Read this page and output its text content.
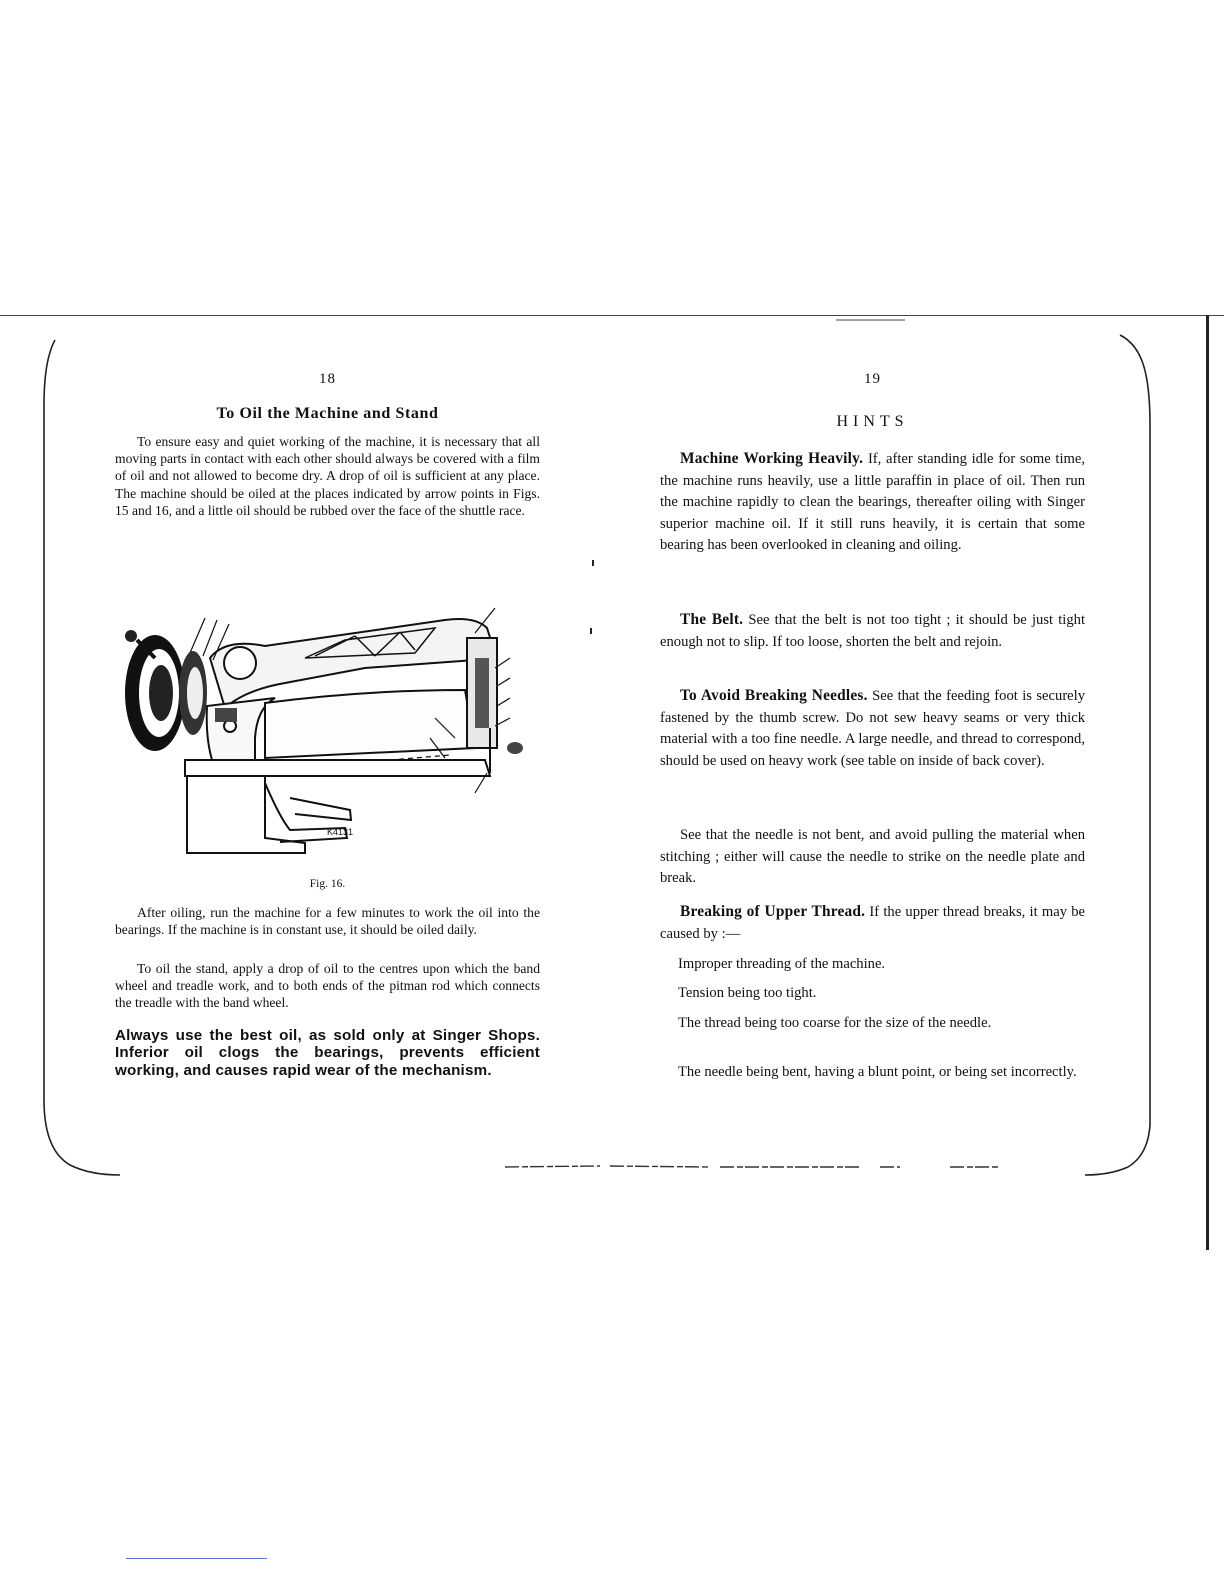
18
To Oil the Machine and Stand

To ensure easy and quiet working of the machine, it is necessary that all moving parts in contact with each other should always be covered with a film of oil and not allowed to become dry. A drop of oil is sufficient at any place. The machine should be oiled at the places indicated by arrow points in Figs. 15 and 16, and a little oil should be rubbed over the face of the shuttle race.

Fig. 16.

After oiling, run the machine for a few minutes to work the oil into the bearings. If the machine is in constant use, it should be oiled daily.

To oil the stand, apply a drop of oil to the centres upon which the band wheel and treadle work, and to both ends of the pitman rod which connects the treadle with the band wheel.

Always use the best oil, as sold only at Singer Shops. Inferior oil clogs the bearings, prevents efficient working, and causes rapid wear of the mechanism.

K4131
19
HINTS

Machine Working Heavily. If, after standing idle for some time, the machine runs heavily, use a little paraffin in place of oil. Then run the machine rapidly to clean the bearings, thereafter oiling with Singer superior machine oil. If it still runs heavily, it is certain that some bearing has been overlooked in cleaning and oiling.

The Belt. See that the belt is not too tight ; it should be just tight enough not to slip. If too loose, shorten the belt and rejoin.

To Avoid Breaking Needles. See that the feeding foot is securely fastened by the thumb screw. Do not sew heavy seams or very thick material with a too fine needle. A large needle, and thread to correspond, should be used on heavy work (see table on inside of back cover).

See that the needle is not bent, and avoid pulling the material when stitching ; either will cause the needle to strike on the needle plate and break.

Breaking of Upper Thread. If the upper thread breaks, it may be caused by :—

Improper threading of the machine.

Tension being too tight.

The thread being too coarse for the size of the needle.

The needle being bent, having a blunt point, or being set incorrectly.
